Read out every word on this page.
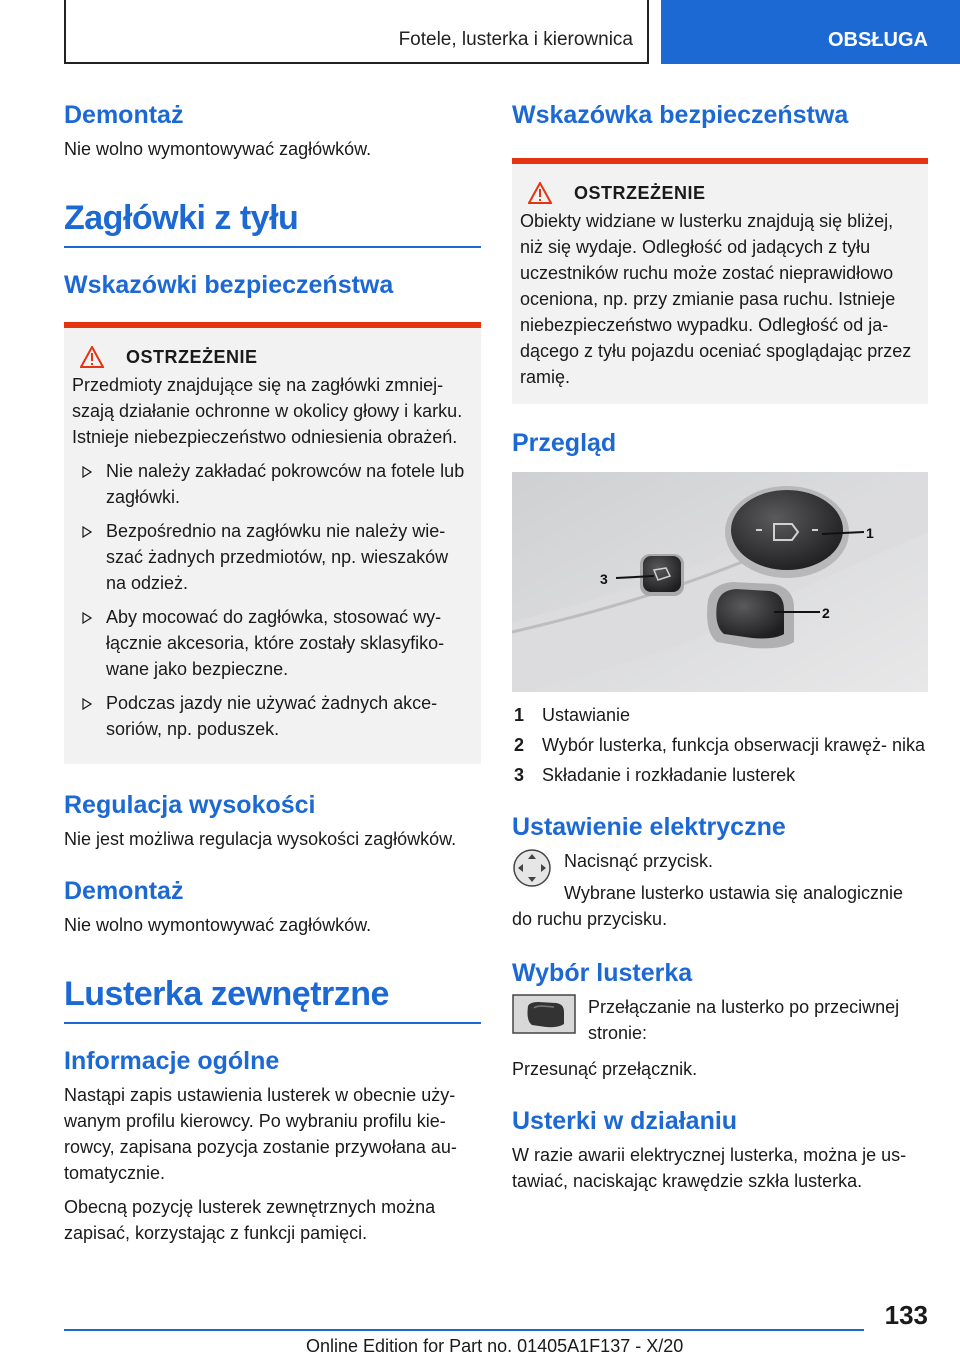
Fotele, lusterka i kierownica	OBSŁUGA
Demontaż

Nie wolno wymontowywać zagłówków.

Zagłówki z tyłu
Wskazówki bezpieczeństwa
OSTRZEŻENIE

Przedmioty znajdujące się na zagłówki zmniej- szają działanie ochronne w okolicy głowy i karku. Istnieje niebezpieczeństwo odniesienia obrażeń.

Nie należy zakładać pokrowców na fotele lub zagłówki.
Bezpośrednio na zagłówku nie należy wie- szać żadnych przedmiotów, np. wieszaków na odzież.
Aby mocować do zagłówka, stosować wy- łącznie akcesoria, które zostały sklasyfiko- wane jako bezpieczne.
Podczas jazdy nie używać żadnych akce- soriów, np. poduszek.
Regulacja wysokości

Nie jest możliwa regulacja wysokości zagłówków.

Demontaż

Nie wolno wymontowywać zagłówków.

Lusterka zewnętrzne
Informacje ogólne

Nastąpi zapis ustawienia lusterek w obecnie uży- wanym profilu kierowcy. Po wybraniu profilu kie- rowcy, zapisana pozycja zostanie przywołana au- tomatycznie.

Obecną pozycję lusterek zewnętrznych można zapisać, korzystając z funkcji pamięci.

Wskazówka bezpieczeństwa
OSTRZEŻENIE

Obiekty widziane w lusterku znajdują się bliżej, niż się wydaje. Odległość od jadących z tyłu uczestników ruchu może zostać nieprawidłowo oceniona, np. przy zmianie pasa ruchu. Istnieje niebezpieczeństwo wypadku. Odległość od ja- dącego z tyłu pojazdu oceniać spoglądając przez ramię.

Przegląd
1
2
3
1 Ustawianie
2 Wybór lusterka, funkcja obserwacji krawęż- nika
3 Składanie i rozkładanie lusterek
Ustawienie elektryczne

Nacisnąć przycisk.

Wybrane lusterko ustawia się analogicznie do ruchu przycisku.

Wybór lusterka

Przełączanie na lusterko po przeciwnej stronie:

Przesunąć przełącznik.

Usterki w działaniu

W razie awarii elektrycznej lusterka, można je us- tawiać, naciskając krawędzie szkła lusterka.

133
Online Edition for Part no. 01405A1F137 - X/20
